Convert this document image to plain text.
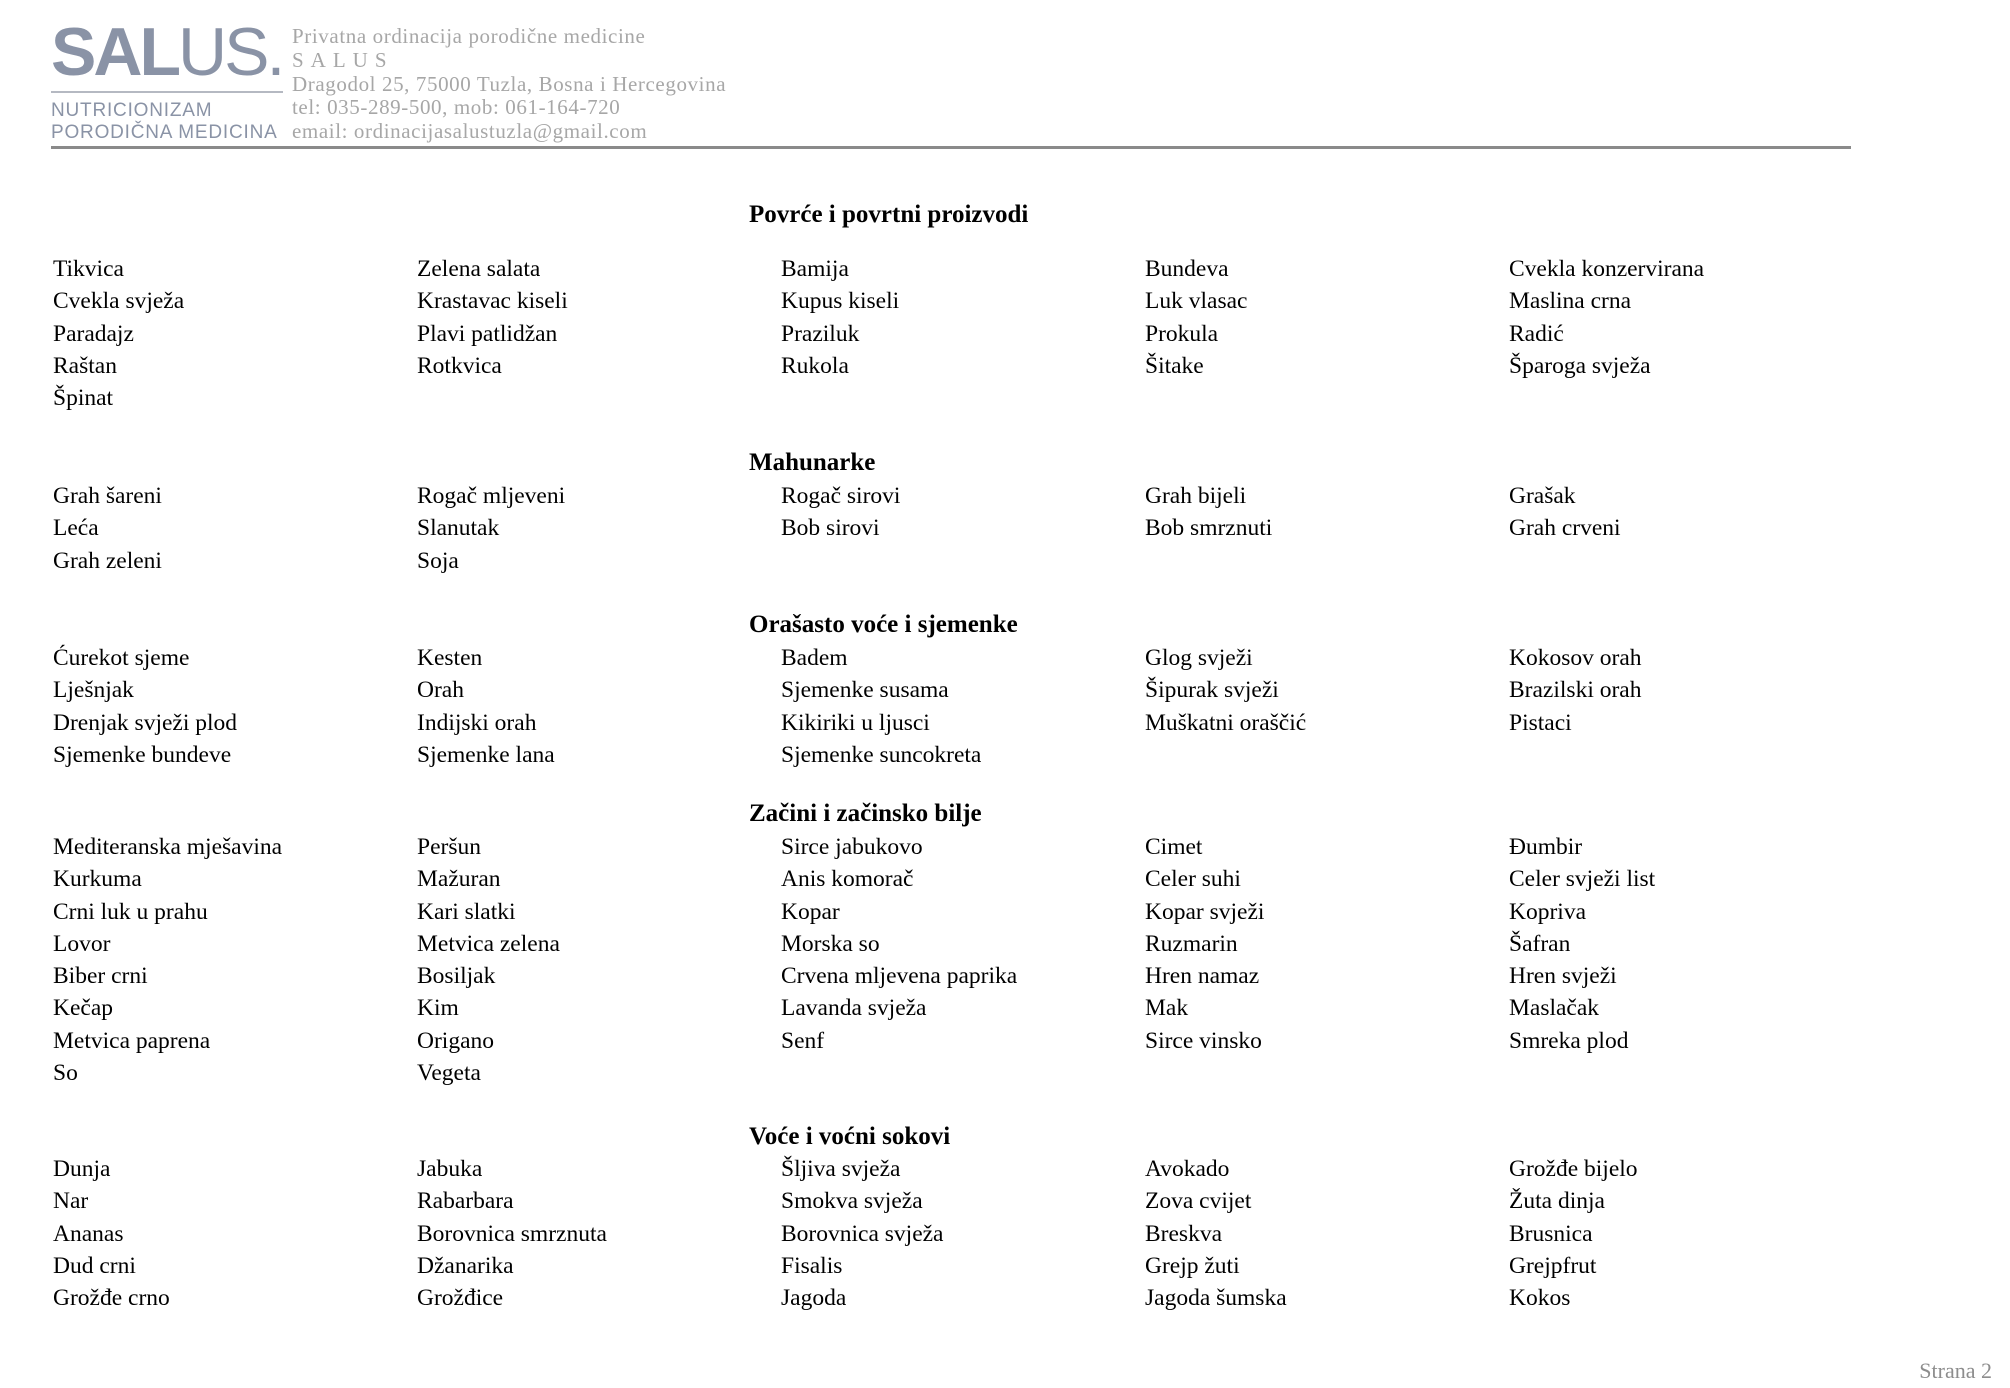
SALUS.
NUTRICIONIZAM
PORODIČNA MEDICINA
Privatna ordinacija porodične medicine
SALUS
Dragodol 25, 75000 Tuzla, Bosna i Hercegovina
tel: 035-289-500, mob: 061-164-720
email: ordinacijasalustuzla@gmail.com
Povrće i povrtni proizvodi
Tikvica	Zelena salata	Bamija	Bundeva	Cvekla konzervirana
Cvekla svježa	Krastavac kiseli	Kupus kiseli	Luk vlasac	Maslina crna
Paradajz	Plavi patlidžan	Praziluk	Prokula	Radić
Raštan	Rotkvica	Rukola	Šitake	Šparoga svježa
Špinat
Mahunarke
Grah šareni	Rogač mljeveni	Rogač sirovi	Grah bijeli	Grašak
Leća	Slanutak	Bob sirovi	Bob smrznuti	Grah crveni
Grah zeleni	Soja
Orašasto voće i sjemenke
Ćurekot sjeme	Kesten	Badem	Glog svježi	Kokosov orah
Lješnjak	Orah	Sjemenke susama	Šipurak svježi	Brazilski orah
Drenjak svježi plod	Indijski orah	Kikiriki u ljusci	Muškatni oraščić	Pistaci
Sjemenke bundeve	Sjemenke lana	Sjemenke suncokreta
Začini i začinsko bilje
Mediteranska mješavina	Peršun	Sirce jabukovo	Cimet	Đumbir
Kurkuma	Mažuran	Anis komorač	Celer suhi	Celer svježi list
Crni luk u prahu	Kari slatki	Kopar	Kopar svježi	Kopriva
Lovor	Metvica zelena	Morska so	Ruzmarin	Šafran
Biber crni	Bosiljak	Crvena mljevena paprika	Hren namaz	Hren svježi
Kečap	Kim	Lavanda svježa	Mak	Maslačak
Metvica paprena	Origano	Senf	Sirce vinsko	Smreka plod
So	Vegeta
Voće i voćni sokovi
Dunja	Jabuka	Šljiva svježa	Avokado	Grožđe bijelo
Nar	Rabarbara	Smokva svježa	Zova cvijet	Žuta dinja
Ananas	Borovnica smrznuta	Borovnica svježa	Breskva	Brusnica
Dud crni	Džanarika	Fisalis	Grejp žuti	Grejpfrut
Grožđe crno	Grožđice	Jagoda	Jagoda šumska	Kokos
Strana 2
